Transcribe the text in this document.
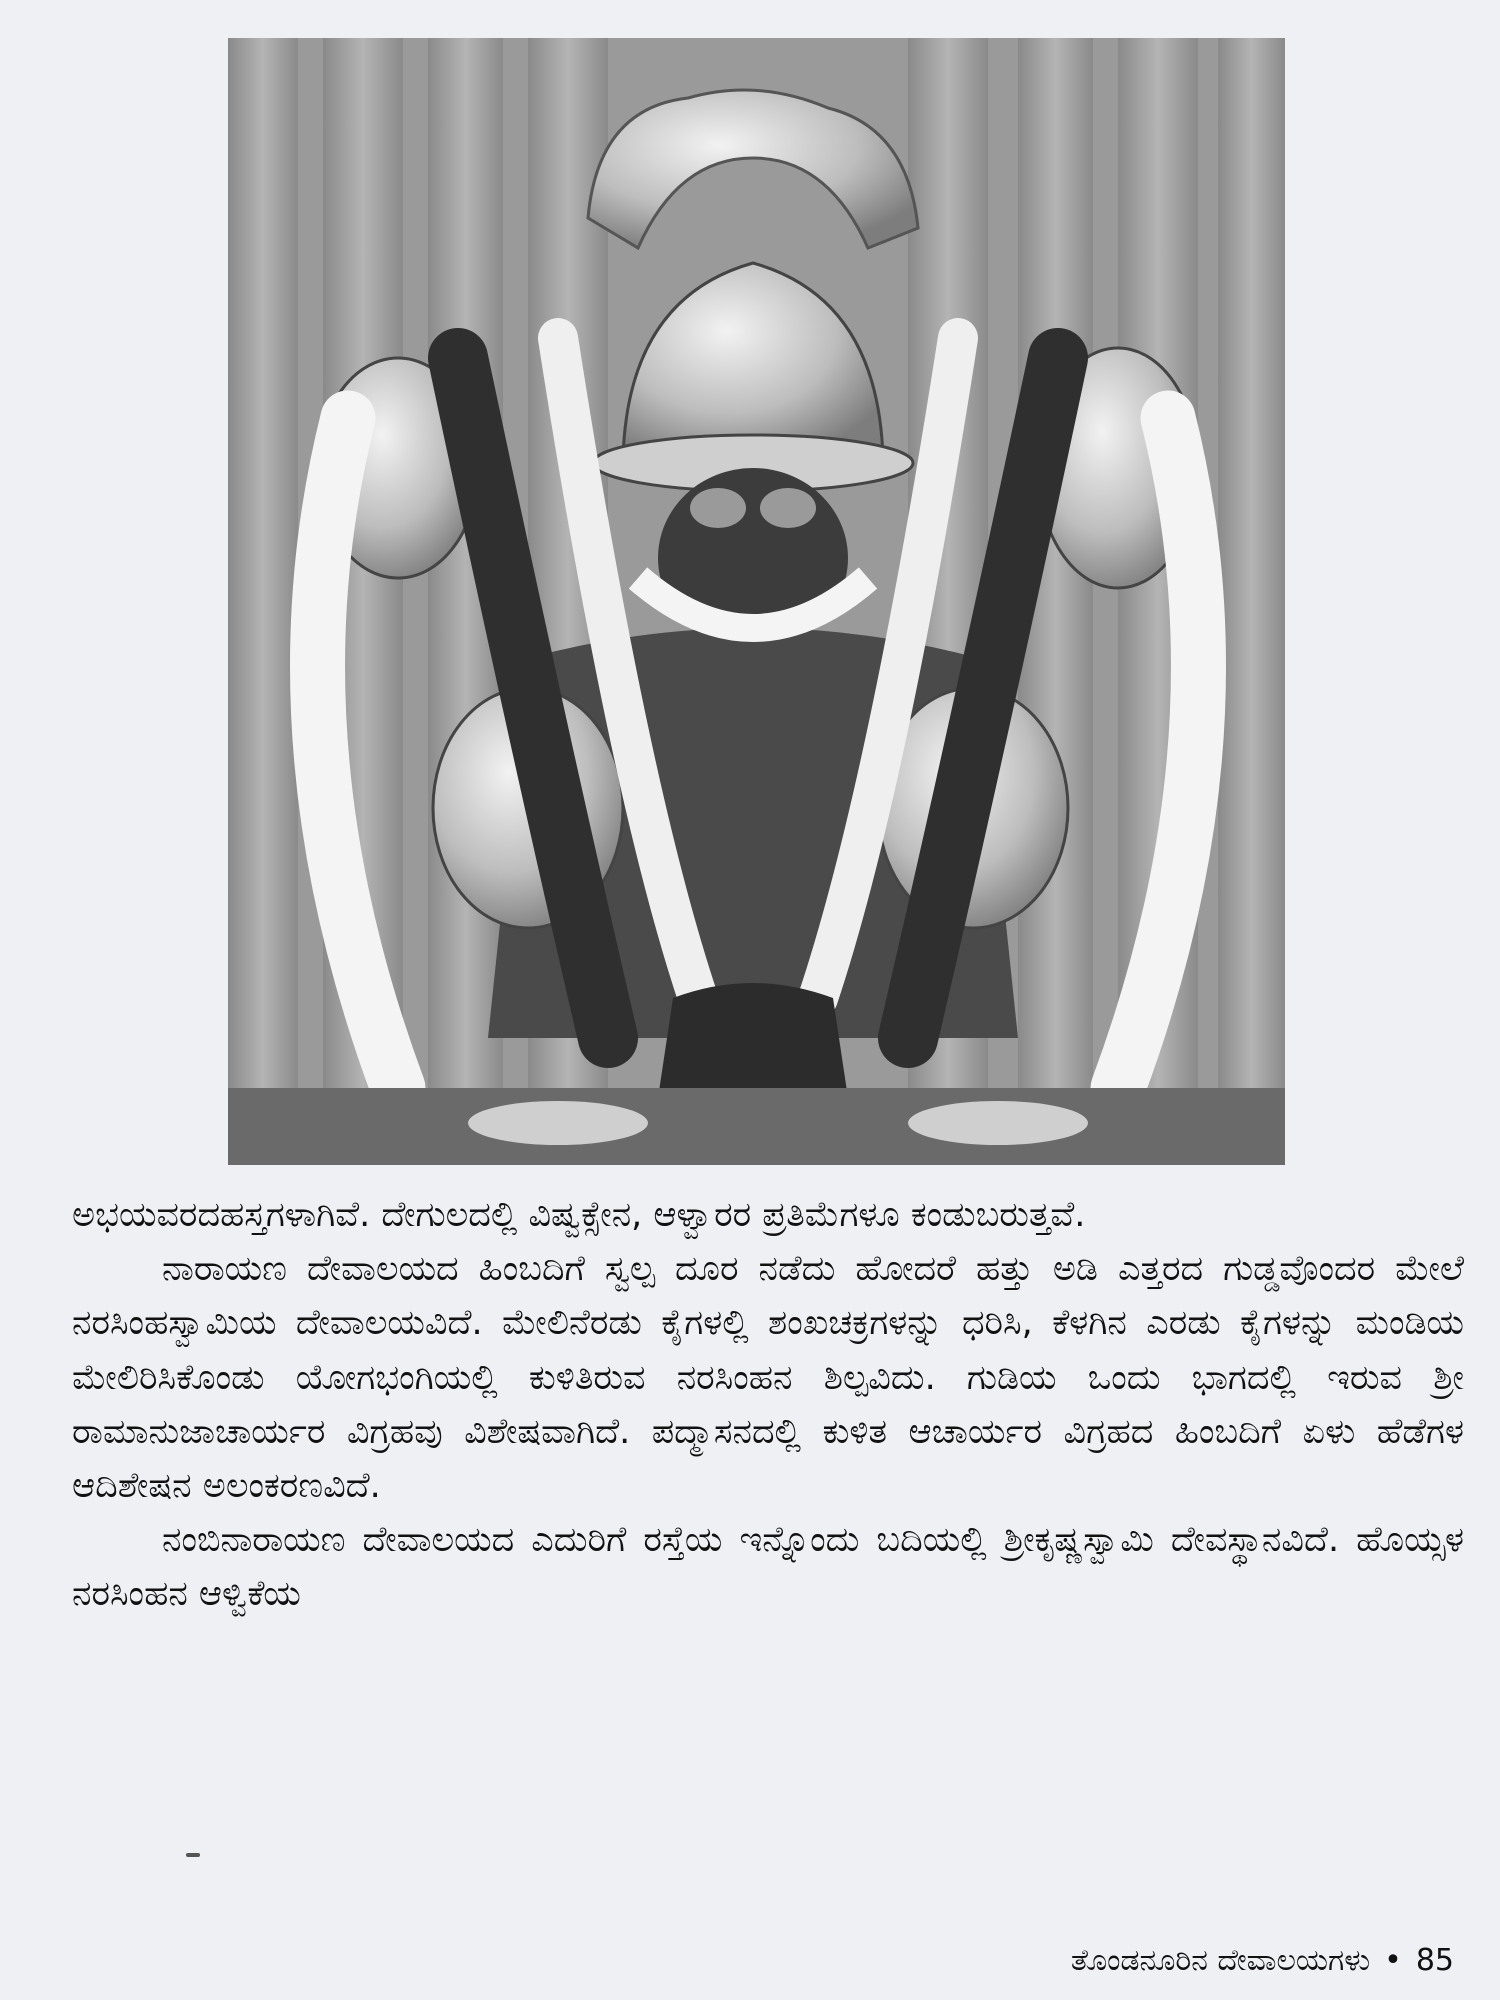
ಅಭಯವರದಹಸ್ತಗಳಾಗಿವೆ. ದೇಗುಲದಲ್ಲಿ ವಿಷ್ವಕ್ಸೇನ, ಆಳ್ವಾರರ ಪ್ರತಿಮೆಗಳೂ ಕಂಡುಬರುತ್ತವೆ.

ನಾರಾಯಣ ದೇವಾಲಯದ ಹಿಂಬದಿಗೆ ಸ್ವಲ್ಪ ದೂರ ನಡೆದು ಹೋದರೆ ಹತ್ತು ಅಡಿ ಎತ್ತರದ ಗುಡ್ಡವೊಂದರ ಮೇಲೆ ನರಸಿಂಹಸ್ವಾಮಿಯ ದೇವಾಲಯವಿದೆ. ಮೇಲಿನೆರಡು ಕೈಗಳಲ್ಲಿ ಶಂಖಚಕ್ರಗಳನ್ನು ಧರಿಸಿ, ಕೆಳಗಿನ ಎರಡು ಕೈಗಳನ್ನು ಮಂಡಿಯ ಮೇಲಿರಿಸಿಕೊಂಡು ಯೋಗಭಂಗಿಯಲ್ಲಿ ಕುಳಿತಿರುವ ನರಸಿಂಹನ ಶಿಲ್ಪವಿದು. ಗುಡಿಯ ಒಂದು ಭಾಗದಲ್ಲಿ ಇರುವ ಶ್ರೀ ರಾಮಾನುಜಾಚಾರ್ಯರ ವಿಗ್ರಹವು ವಿಶೇಷವಾಗಿದೆ. ಪದ್ಮಾಸನದಲ್ಲಿ ಕುಳಿತ ಆಚಾರ್ಯರ ವಿಗ್ರಹದ ಹಿಂಬದಿಗೆ ಏಳು ಹೆಡೆಗಳ ಆದಿಶೇಷನ ಅಲಂಕರಣವಿದೆ.

ನಂಬಿನಾರಾಯಣ ದೇವಾಲಯದ ಎದುರಿಗೆ ರಸ್ತೆಯ ಇನ್ನೊಂದು ಬದಿಯಲ್ಲಿ ಶ್ರೀಕೃಷ್ಣಸ್ವಾಮಿ ದೇವಸ್ಥಾನವಿದೆ. ಹೊಯ್ಸಳ ನರಸಿಂಹನ ಆಳ್ವಿಕೆಯ

ತೊಂಡನೂರಿನ ದೇವಾಲಯಗಳು • 85
